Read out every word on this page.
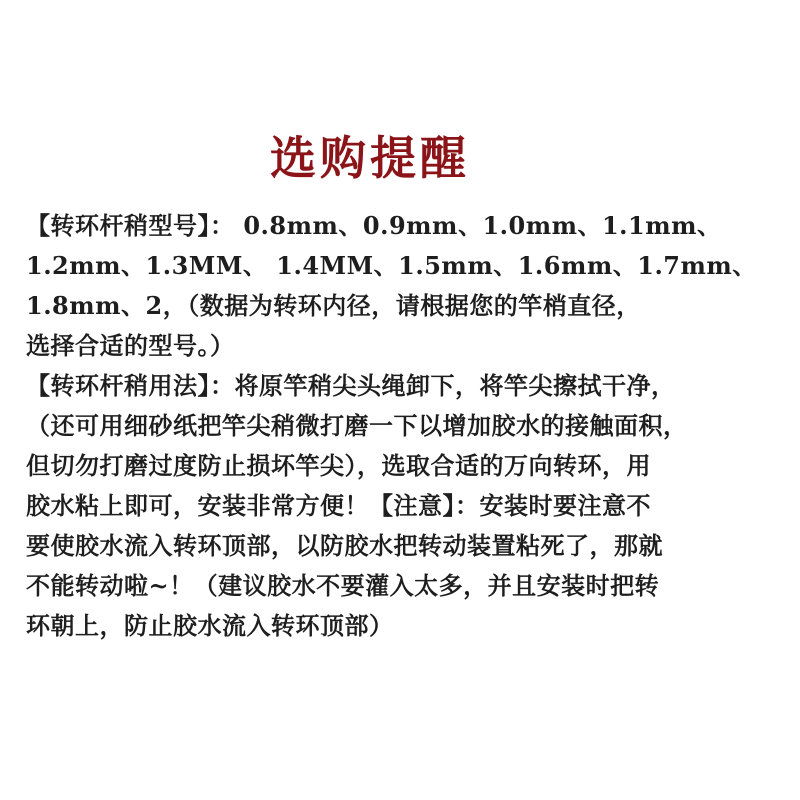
选购提醒
【转环杆稍型号】： 0.8mm、0.9mm、1.0mm、1.1mm、
1.2mm、1.3MM、 1.4MM、1.5mm、1.6mm、1.7mm、
1.8mm、2，（数据为转环内径，请根据您的竿梢直径，
选择合适的型号。）
【转环杆稍用法】：将原竿稍尖头绳卸下，将竿尖擦拭干净，
（还可用细砂纸把竿尖稍微打磨一下以增加胶水的接触面积，
但切勿打磨过度防止损坏竿尖），选取合适的万向转环，用
胶水粘上即可，安装非常方便！【注意】：安装时要注意不
要使胶水流入转环顶部，以防胶水把转动装置粘死了，那就
不能转动啦~！（建议胶水不要灌入太多，并且安装时把转
环朝上，防止胶水流入转环顶部）
